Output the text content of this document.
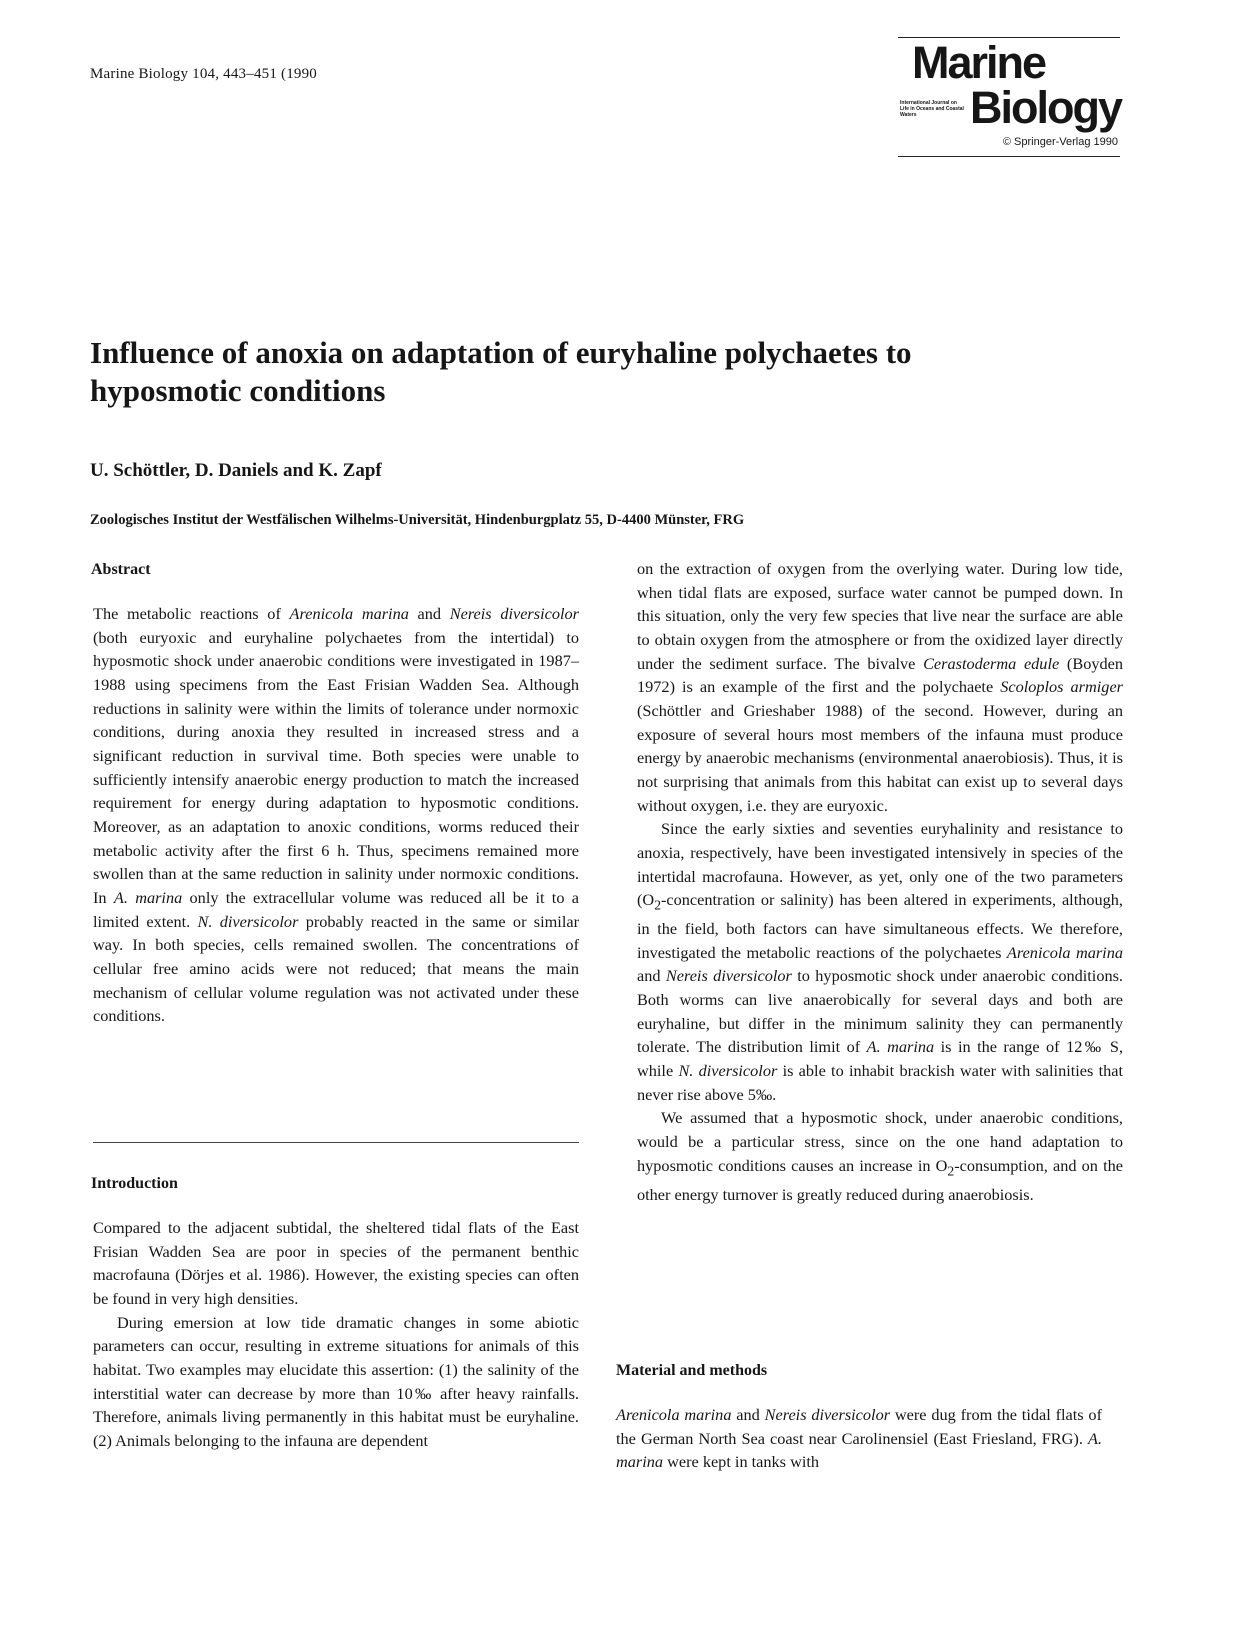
Marine Biology 104, 443–451 (1990	Marine
International Journal on Life in Oceans and Coastal Waters	Biology
© Springer-Verlag 1990
Influence of anoxia on adaptation of euryhaline polychaetes to hyposmotic conditions
U. Schöttler, D. Daniels and K. Zapf
Zoologisches Institut der Westfälischen Wilhelms-Universität, Hindenburgplatz 55, D-4400 Münster, FRG
Abstract

The metabolic reactions of Arenicola marina and Nereis diversicolor (both euryoxic and euryhaline polychaetes from the intertidal) to hyposmotic shock under anaerobic conditions were investigated in 1987–1988 using specimens from the East Frisian Wadden Sea. Although reductions in salinity were within the limits of tolerance under normoxic conditions, during anoxia they resulted in increased stress and a significant reduction in survival time. Both species were unable to sufficiently intensify anaerobic energy production to match the increased requirement for energy during adaptation to hyposmotic conditions. Moreover, as an adaptation to anoxic conditions, worms reduced their metabolic activity after the first 6 h. Thus, specimens remained more swollen than at the same reduction in salinity under normoxic conditions. In A. marina only the extracellular volume was reduced all be it to a limited extent. N. diversicolor probably reacted in the same or similar way. In both species, cells remained swollen. The concentrations of cellular free amino acids were not reduced; that means the main mechanism of cellular volume regulation was not activated under these conditions.

Introduction

Compared to the adjacent subtidal, the sheltered tidal flats of the East Frisian Wadden Sea are poor in species of the permanent benthic macrofauna (Dörjes et al. 1986). However, the existing species can often be found in very high densities.

During emersion at low tide dramatic changes in some abiotic parameters can occur, resulting in extreme situations for animals of this habitat. Two examples may elucidate this assertion: (1) the salinity of the interstitial water can decrease by more than 10‰ after heavy rainfalls. Therefore, animals living permanently in this habitat must be euryhaline. (2) Animals belonging to the infauna are dependent

on the extraction of oxygen from the overlying water. During low tide, when tidal flats are exposed, surface water cannot be pumped down. In this situation, only the very few species that live near the surface are able to obtain oxygen from the atmosphere or from the oxidized layer directly under the sediment surface. The bivalve Cerastoderma edule (Boyden 1972) is an example of the first and the polychaete Scoloplos armiger (Schöttler and Grieshaber 1988) of the second. However, during an exposure of several hours most members of the infauna must produce energy by anaerobic mechanisms (environmental anaerobiosis). Thus, it is not surprising that animals from this habitat can exist up to several days without oxygen, i.e. they are euryoxic.

Since the early sixties and seventies euryhalinity and resistance to anoxia, respectively, have been investigated intensively in species of the intertidal macrofauna. However, as yet, only one of the two parameters ($O_2$-concentration or salinity) has been altered in experiments, although, in the field, both factors can have simultaneous effects. We therefore, investigated the metabolic reactions of the polychaetes Arenicola marina and Nereis diversicolor to hyposmotic shock under anaerobic conditions. Both worms can live anaerobically for several days and both are euryhaline, but differ in the minimum salinity they can permanently tolerate. The distribution limit of A. marina is in the range of 12‰ S, while N. diversicolor is able to inhabit brackish water with salinities that never rise above 5‰.

We assumed that a hyposmotic shock, under anaerobic conditions, would be a particular stress, since on the one hand adaptation to hyposmotic conditions causes an increase in $O_2$-consumption, and on the other energy turnover is greatly reduced during anaerobiosis.

Material and methods

Arenicola marina and Nereis diversicolor were dug from the tidal flats of the German North Sea coast near Carolinensiel (East Friesland, FRG). A. marina were kept in tanks with
